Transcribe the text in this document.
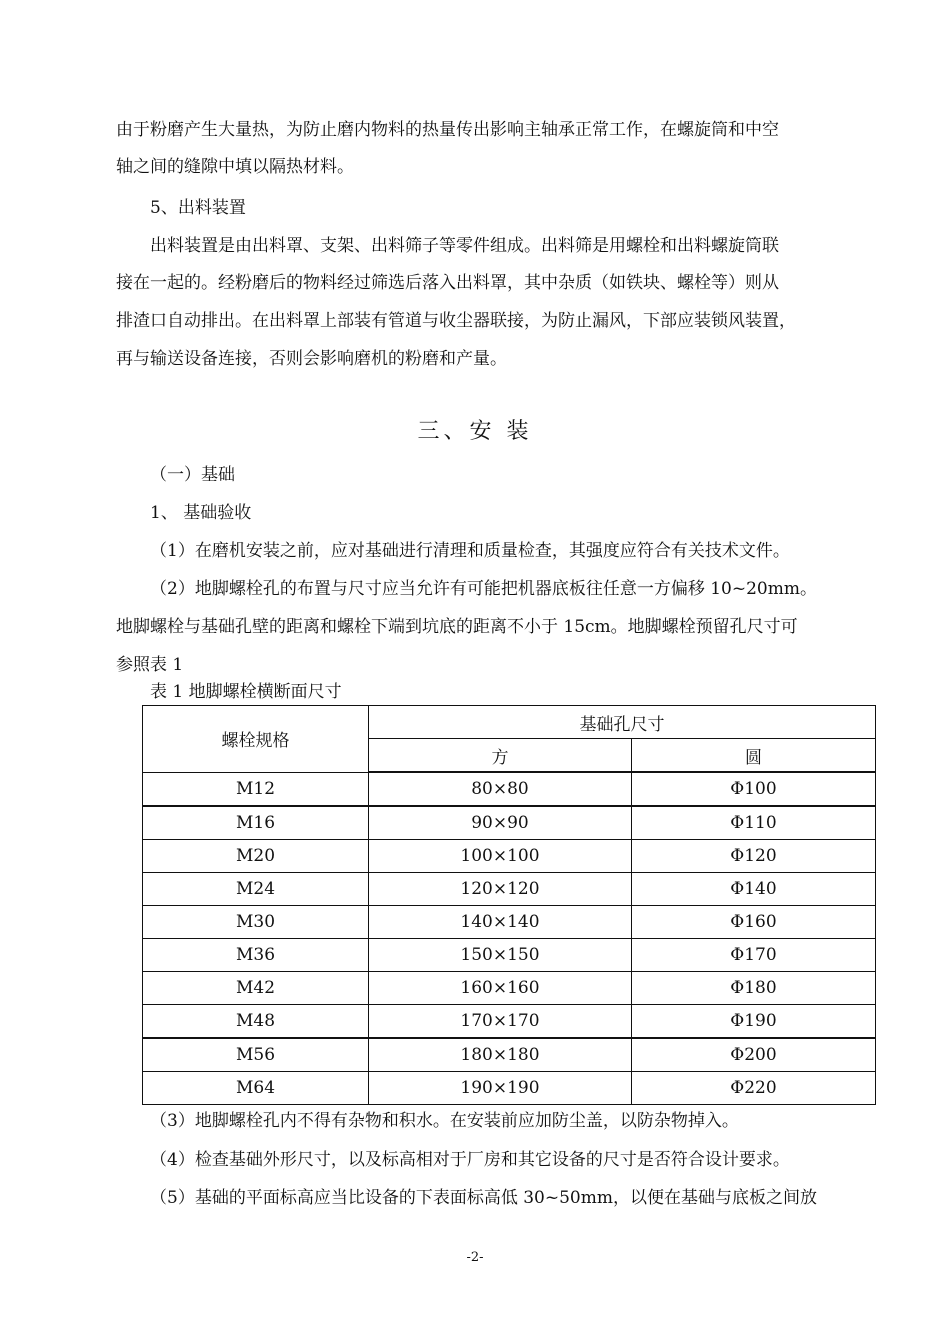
由于粉磨产生大量热，为防止磨内物料的热量传出影响主轴承正常工作，在螺旋筒和中空
轴之间的缝隙中填以隔热材料。
5、出料装置
出料装置是由出料罩、支架、出料筛子等零件组成。出料筛是用螺栓和出料螺旋筒联
接在一起的。经粉磨后的物料经过筛选后落入出料罩，其中杂质（如铁块、螺栓等）则从
排渣口自动排出。在出料罩上部装有管道与收尘器联接，为防止漏风，下部应装锁风装置，
再与输送设备连接，否则会影响磨机的粉磨和产量。
三、安 装
（一）基础
1、 基础验收
（1）在磨机安装之前，应对基础进行清理和质量检查，其强度应符合有关技术文件。
（2）地脚螺栓孔的布置与尺寸应当允许有可能把机器底板往任意一方偏移 10~20mm。
地脚螺栓与基础孔壁的距离和螺栓下端到坑底的距离不小于 15cm。地脚螺栓预留孔尺寸可
参照表 1
表 1 地脚螺栓横断面尺寸
螺栓规格	基础孔尺寸	
	方	圆
M12	80×80	Φ100
M16	90×90	Φ110
M20	100×100	Φ120
M24	120×120	Φ140
M30	140×140	Φ160
M36	150×150	Φ170
M42	160×160	Φ180
M48	170×170	Φ190
M56	180×180	Φ200
M64	190×190	Φ220
（3）地脚螺栓孔内不得有杂物和积水。在安装前应加防尘盖，以防杂物掉入。
（4）检查基础外形尺寸，以及标高相对于厂房和其它设备的尺寸是否符合设计要求。
（5）基础的平面标高应当比设备的下表面标高低 30~50mm，以便在基础与底板之间放
-2-
